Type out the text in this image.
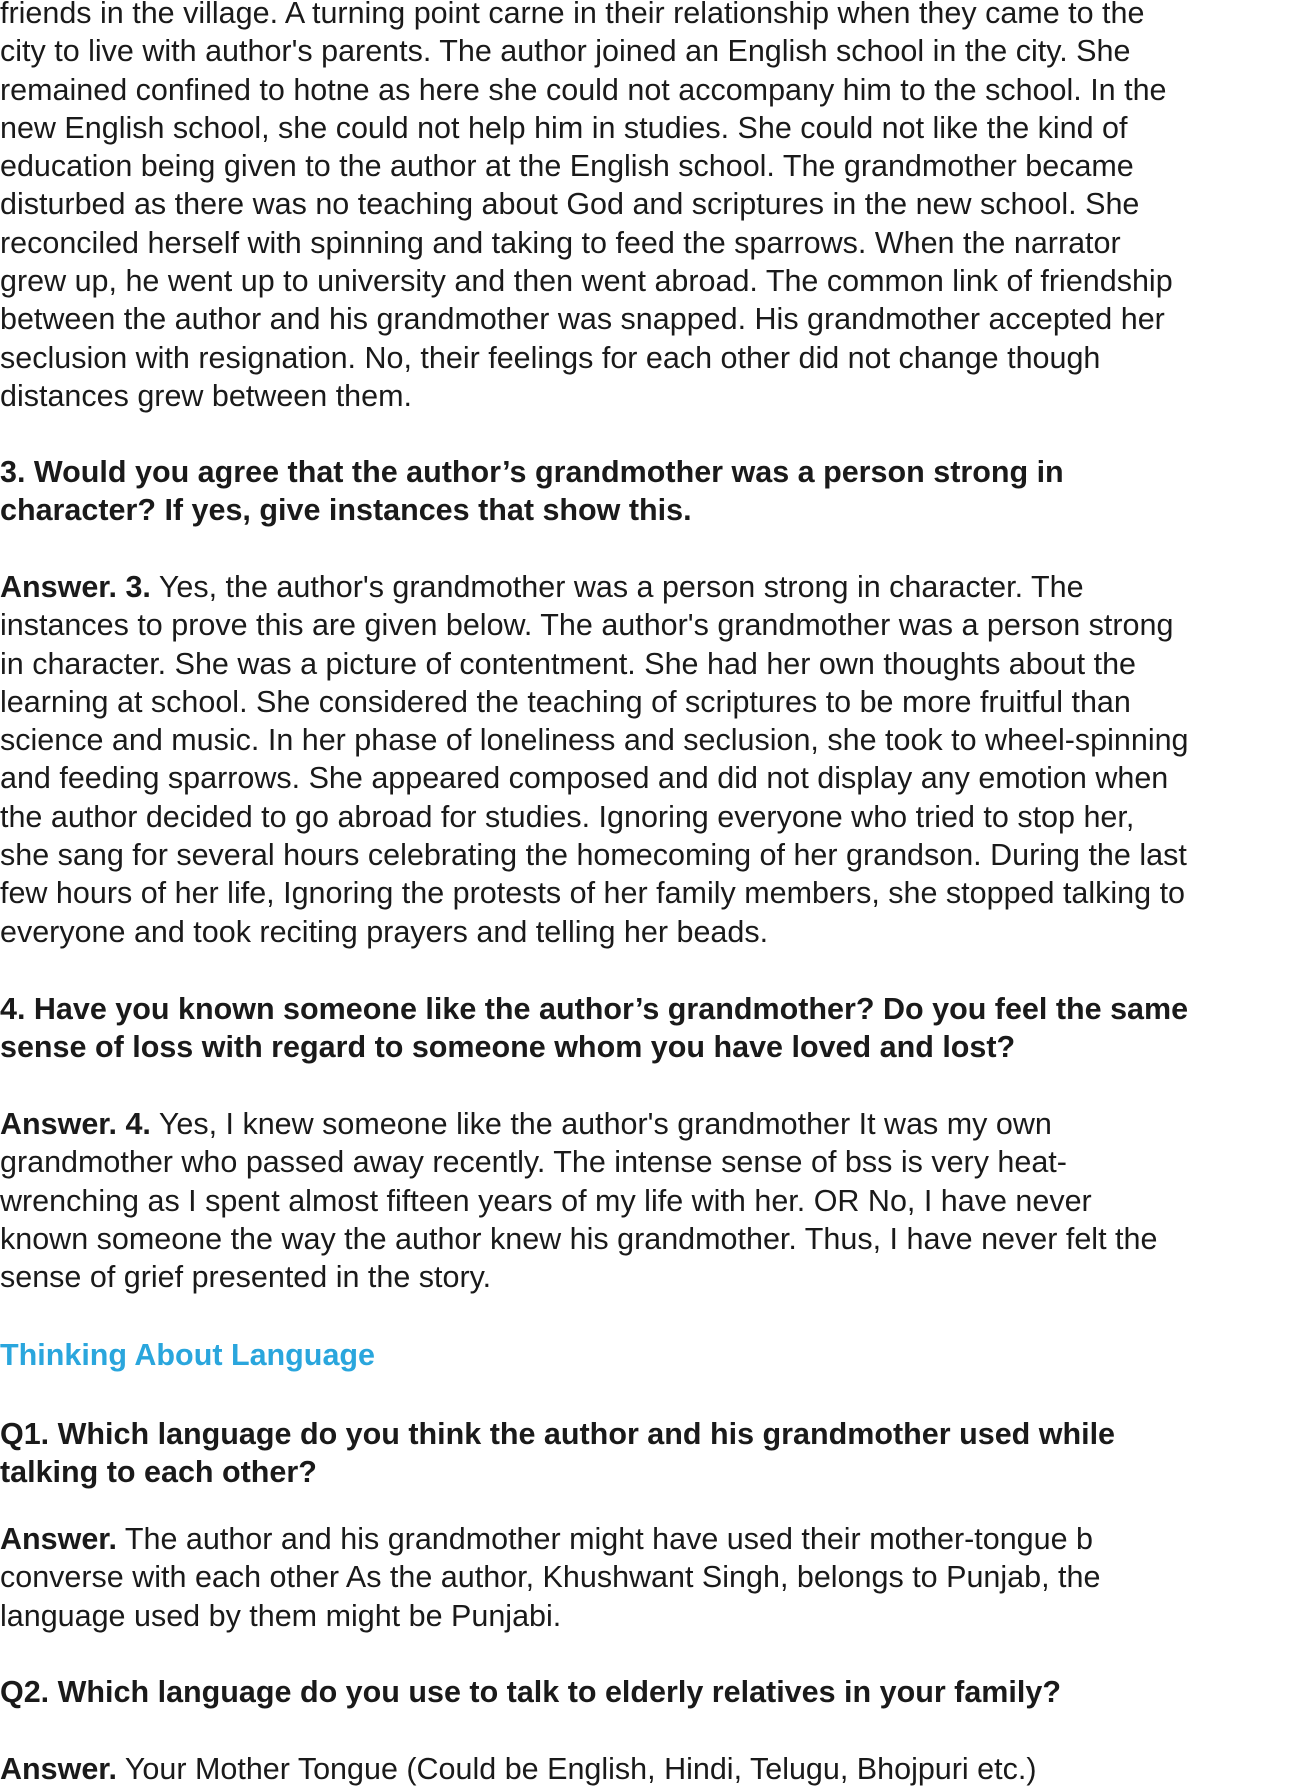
friends in the village. A turning point carne in their relationship when they came to the
city to live with author's parents. The author joined an English school in the city. She
remained confined to hotne as here she could not accompany him to the school. In the
new English school, she could not help him in studies. She could not like the kind of
education being given to the author at the English school. The grandmother became
disturbed as there was no teaching about God and scriptures in the new school. She
reconciled herself with spinning and taking to feed the sparrows. When the narrator
grew up, he went up to university and then went abroad. The common link of friendship
between the author and his grandmother was snapped. His grandmother accepted her
seclusion with resignation. No, their feelings for each other did not change though
distances grew between them.
3. Would you agree that the author’s grandmother was a person strong in
character? If yes, give instances that show this.
Answer. 3. Yes, the author's grandmother was a person strong in character. The
instances to prove this are given below. The author's grandmother was a person strong
in character. She was a picture of contentment. She had her own thoughts about the
learning at school. She considered the teaching of scriptures to be more fruitful than
science and music. In her phase of loneliness and seclusion, she took to wheel-spinning
and feeding sparrows. She appeared composed and did not display any emotion when
the author decided to go abroad for studies. Ignoring everyone who tried to stop her,
she sang for several hours celebrating the homecoming of her grandson. During the last
few hours of her life, Ignoring the protests of her family members, she stopped talking to
everyone and took reciting prayers and telling her beads.
4. Have you known someone like the author’s grandmother? Do you feel the same
sense of loss with regard to someone whom you have loved and lost?
Answer. 4. Yes, I knew someone like the author's grandmother It was my own
grandmother who passed away recently. The intense sense of bss is very heat-
wrenching as I spent almost fifteen years of my life with her. OR No, I have never
known someone the way the author knew his grandmother. Thus, I have never felt the
sense of grief presented in the story.
Thinking About Language
Q1. Which language do you think the author and his grandmother used while
talking to each other?
Answer. The author and his grandmother might have used their mother-tongue b
converse with each other As the author, Khushwant Singh, belongs to Punjab, the
language used by them might be Punjabi.
Q2. Which language do you use to talk to elderly relatives in your family?
Answer. Your Mother Tongue (Could be English, Hindi, Telugu, Bhojpuri etc.)
